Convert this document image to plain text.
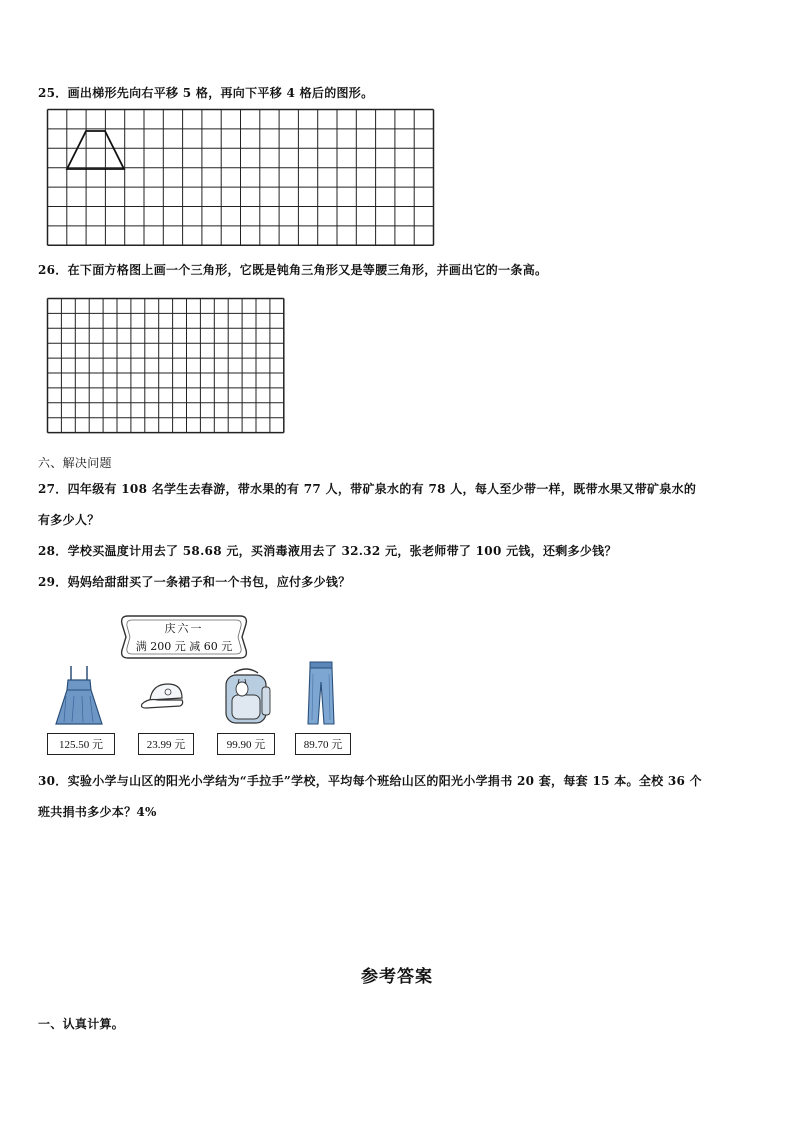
25．画出梯形先向右平移 5 格，再向下平移 4 格后的图形。
26．在下面方格图上画一个三角形，它既是钝角三角形又是等腰三角形，并画出它的一条高。
六、解决问题
27．四年级有 108 名学生去春游，带水果的有 77 人，带矿泉水的有 78 人，每人至少带一样，既带水果又带矿泉水的
有多少人？
28．学校买温度计用去了 58.68 元，买消毒液用去了 32.32 元，张老师带了 100 元钱，还剩多少钱？
29．妈妈给甜甜买了一条裙子和一个书包，应付多少钱？
庆六一
满 200 元 减 60 元
125.50 元	23.99 元	99.90 元	89.70 元
30．实验小学与山区的阳光小学结为“手拉手”学校，平均每个班给山区的阳光小学捐书 20 套，每套 15 本。全校 36 个
班共捐书多少本？4%
参考答案
一、认真计算。
